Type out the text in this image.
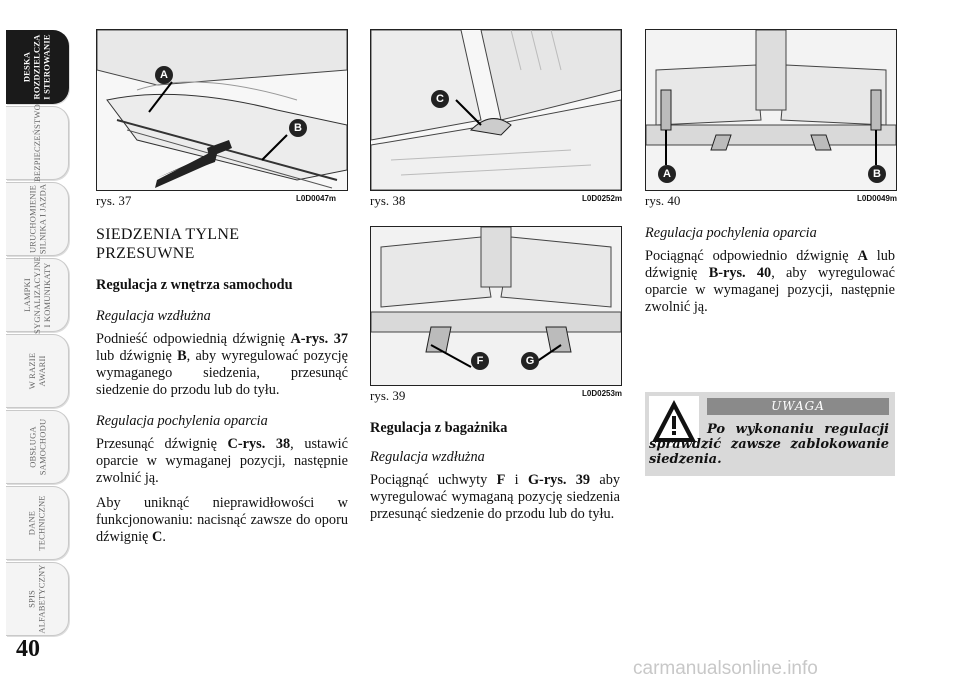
DESKA
ROZDZIELCZA
I STEROWANIE
BEZPIECZEŃSTWO
URUCHOMIENIE
SILNIKA I JAZDA
LAMPKI
SYGNALIZACYJNE
I KOMUNIKATY
W RAZIE
AWARII
OBSŁUGA
SAMOCHODU
DANE
TECHNICZNE
SPIS
ALFABETYCZNY
40
A
B
rys. 37	L0D0047m
C
rys. 38	L0D0252m
F	G
rys. 39	L0D0253m
A	B
rys. 40	L0D0049m
SIEDZENIA TYLNE
PRZESUWNE

Regulacja z wnętrza samochodu

Regulacja wzdłużna

Podnieść odpowiednią dźwignię A-rys. 37 lub dźwignię B, aby wyregulować pozycję wymaganego siedzenia, przesunąć siedzenie do przodu lub do tyłu.

Regulacja pochylenia oparcia

Przesunąć dźwignię C-rys. 38, ustawić oparcie w wymaganej pozycji, następnie zwolnić ją.

Aby uniknąć nieprawidłowości w funkcjonowaniu: nacisnąć zawsze do oporu dźwignię C.

Regulacja z bagażnika

Regulacja wzdłużna

Pociągnąć uchwyty F i G-rys. 39 aby wyregulować wymaganą pozycję siedzenia przesunąć siedzenie do przodu lub do tyłu.

Regulacja pochylenia oparcia

Pociągnąć odpowiednio dźwignię A lub dźwignię B-rys. 40, aby wyregulować oparcie w wymaganej pozycji, następnie zwolnić ją.

UWAGA
Po wykonaniu regulacji sprawdzić zawsze zablokowanie siedzenia.
carmanualsonline.info
